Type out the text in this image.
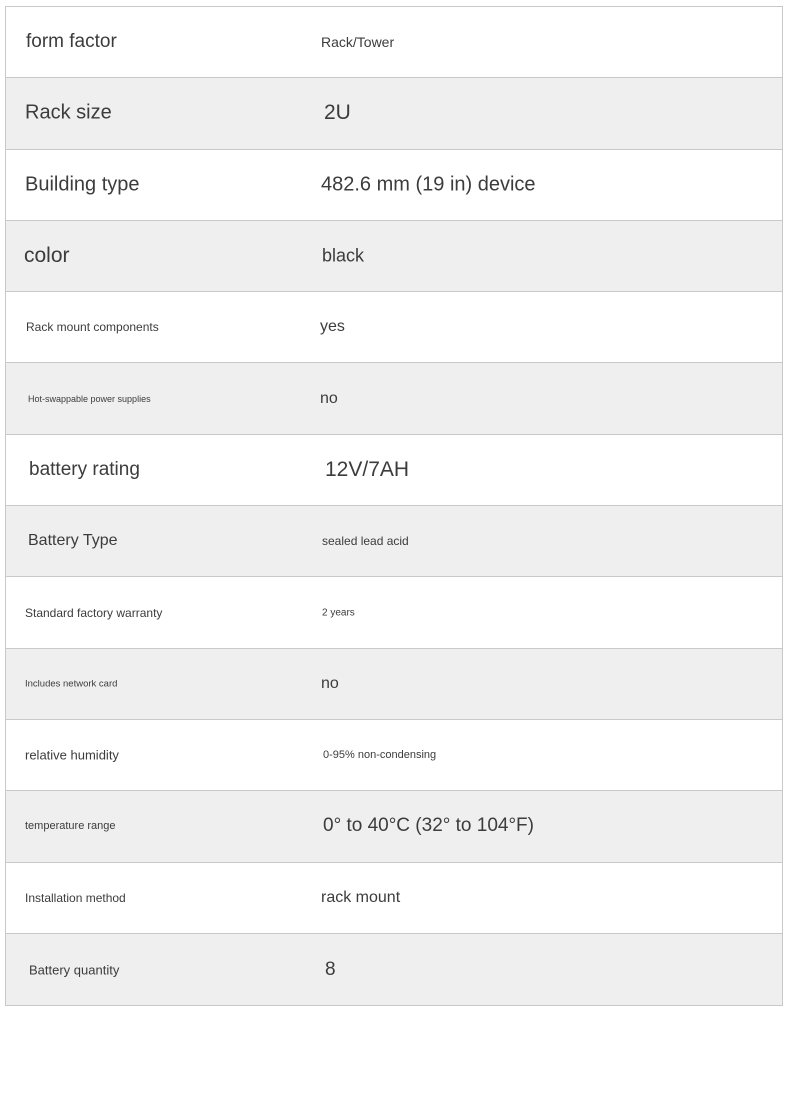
form factor	Rack/Tower
Rack size	2U
Building type	482.6 mm (19 in) device
color	black
Rack mount components	yes
Hot-swappable power supplies	no
battery rating	12V/7AH
Battery Type	sealed lead acid
Standard factory warranty	2 years
Includes network card	no
relative humidity	0-95% non-condensing
temperature range	0° to 40°C (32° to 104°F)
Installation method	rack mount
Battery quantity	8
